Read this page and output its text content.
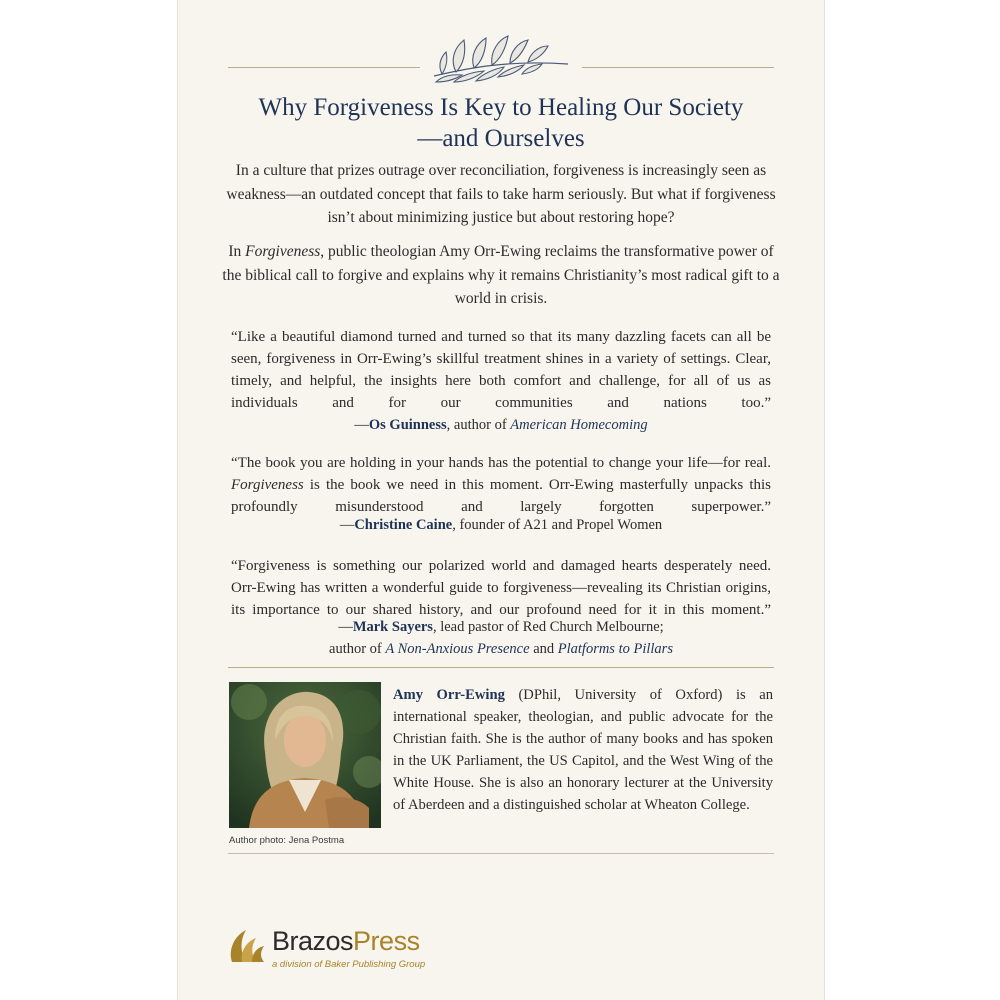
Why Forgiveness Is Key to Healing Our Society
—and Ourselves
In a culture that prizes outrage over reconciliation, forgiveness is increasingly seen as weakness—an outdated concept that fails to take harm seriously. But what if forgiveness isn’t about minimizing justice but about restoring hope?
In Forgiveness, public theologian Amy Orr-Ewing reclaims the transformative power of the biblical call to forgive and explains why it remains Christianity’s most radical gift to a world in crisis.
“Like a beautiful diamond turned and turned so that its many dazzling facets can all be seen, forgiveness in Orr-Ewing’s skillful treatment shines in a variety of settings. Clear, timely, and helpful, the insights here both comfort and challenge, for all of us as individuals and for our communities and nations too.”
—Os Guinness, author of American Homecoming
“The book you are holding in your hands has the potential to change your life—for real. Forgiveness is the book we need in this moment. Orr-Ewing masterfully unpacks this profoundly misunderstood and largely forgotten superpower.”
—Christine Caine, founder of A21 and Propel Women
“Forgiveness is something our polarized world and damaged hearts desperately need. Orr-Ewing has written a wonderful guide to forgiveness—revealing its Christian origins, its importance to our shared history, and our profound need for it in this moment.”
—Mark Sayers, lead pastor of Red Church Melbourne;
author of A Non-Anxious Presence and Platforms to Pillars
Author photo: Jena Postma
Amy Orr-Ewing (DPhil, University of Oxford) is an international speaker, theologian, and public advocate for the Christian faith. She is the author of many books and has spoken in the UK Parliament, the US Capitol, and the West Wing of the White House. She is also an honorary lecturer at the University of Aberdeen and a distinguished scholar at Wheaton College.
BrazosPress
a division of Baker Publishing Group
